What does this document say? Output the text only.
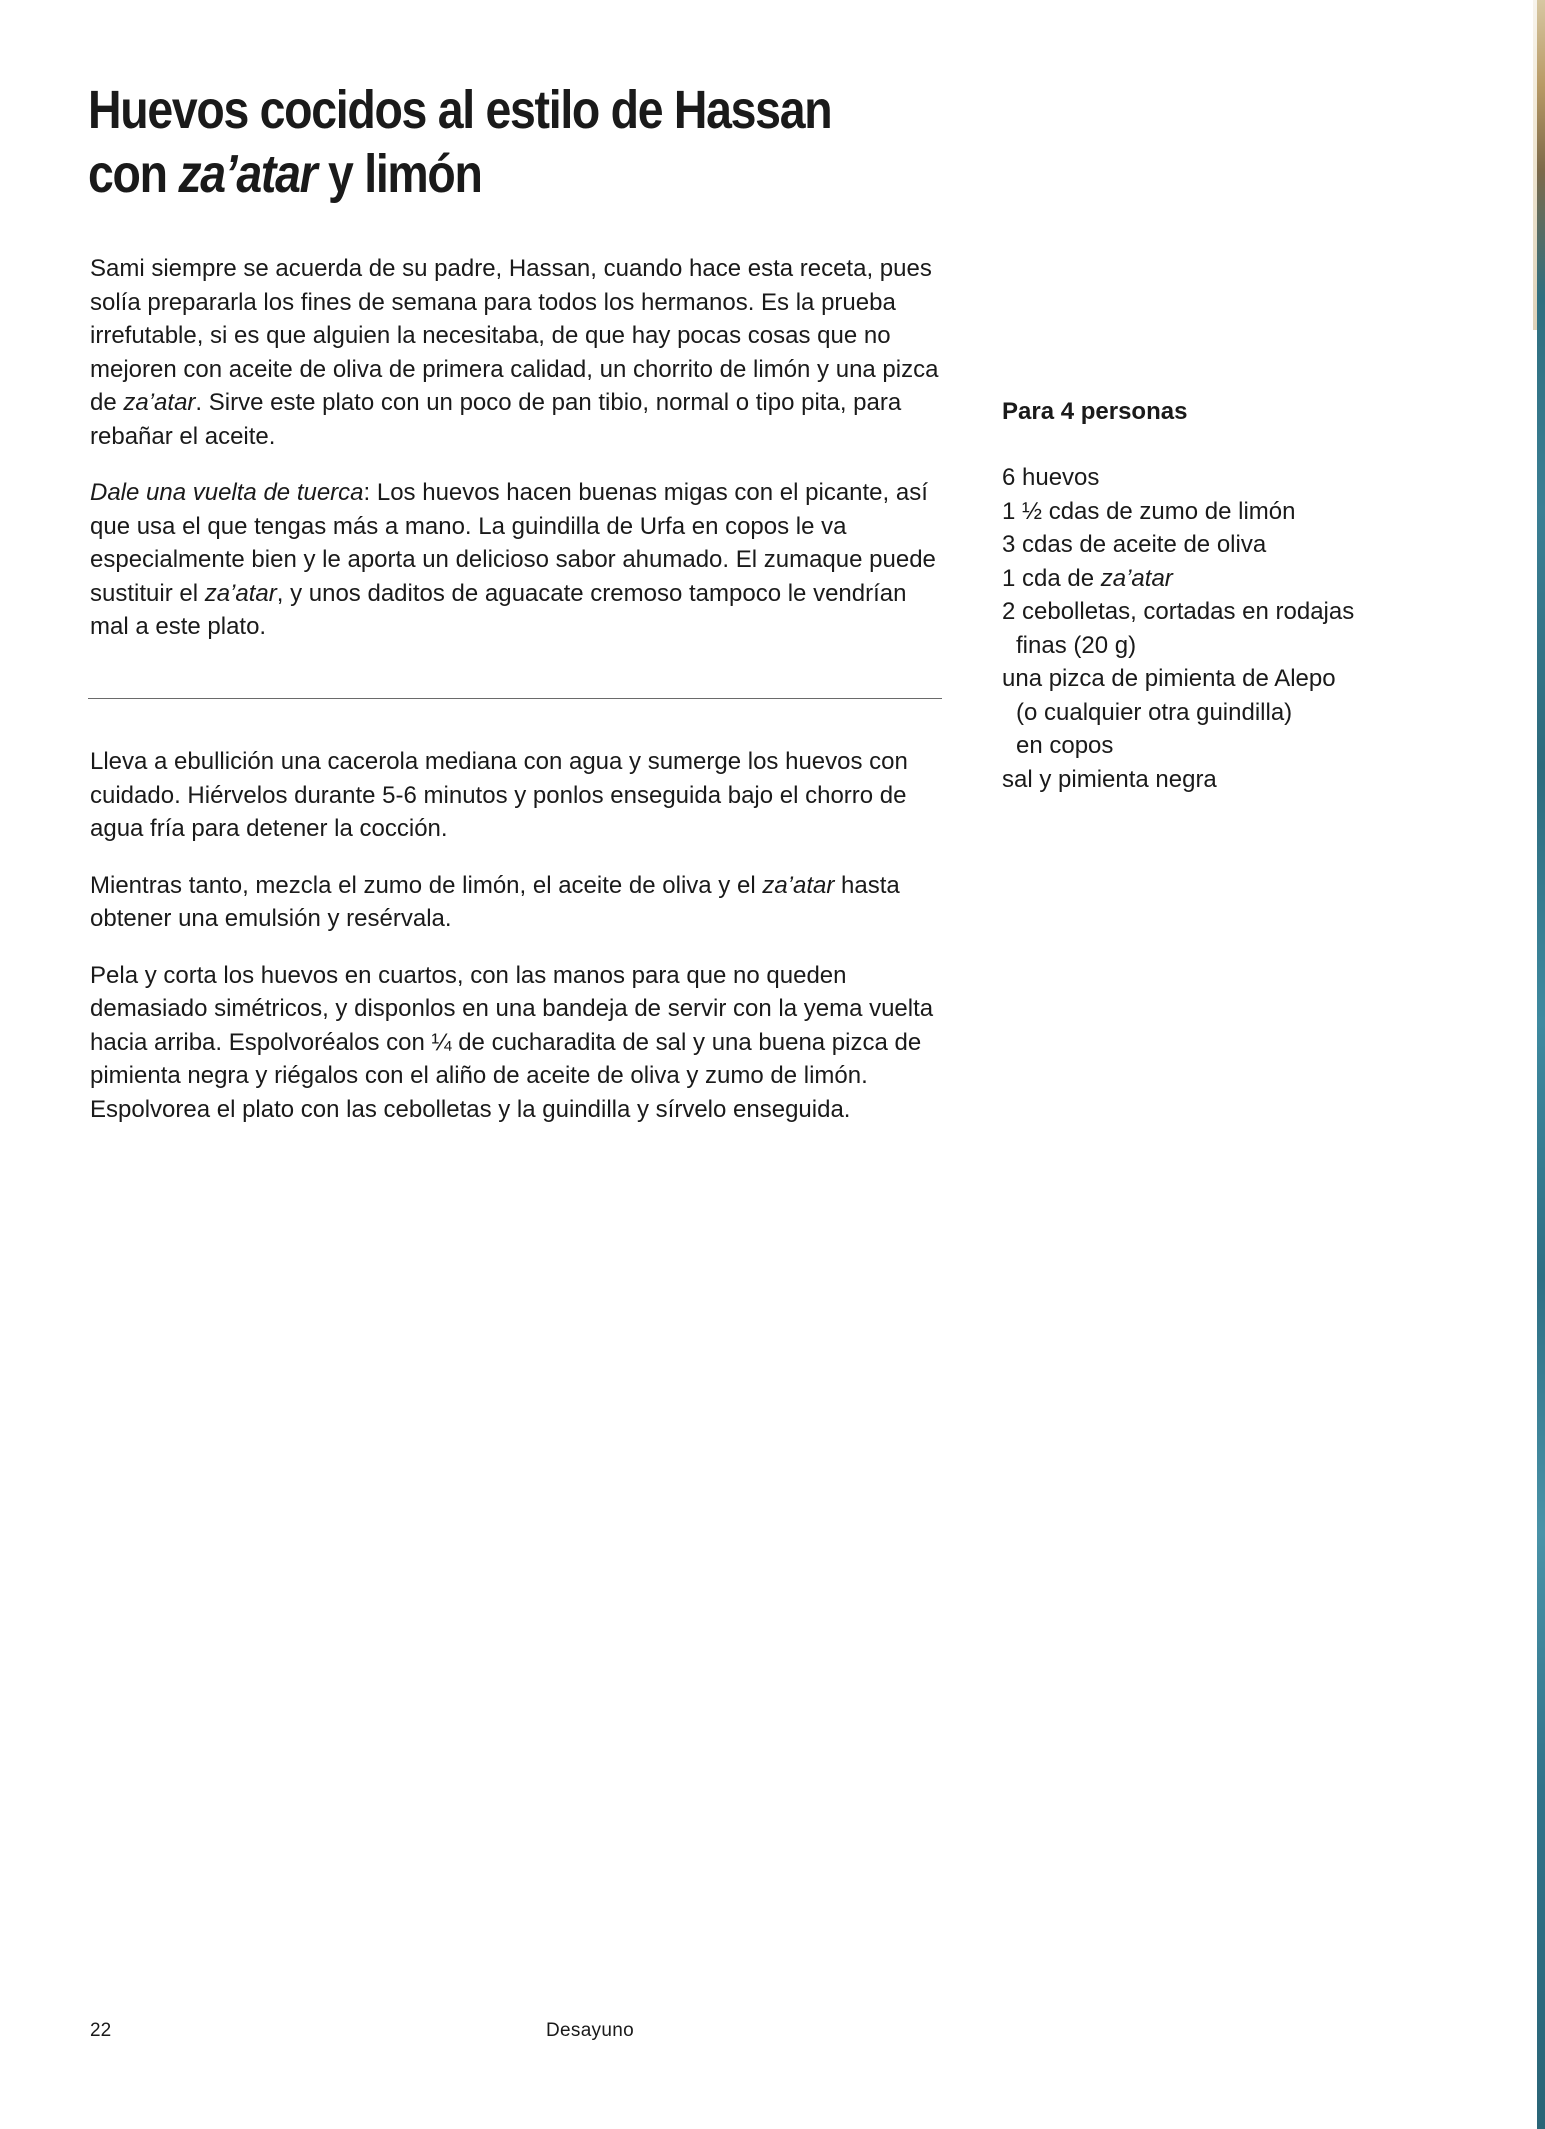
Huevos cocidos al estilo de Hassan
con za’atar y limón

Sami siempre se acuerda de su padre, Hassan, cuando hace esta receta, pues solía prepararla los fines de semana para todos los hermanos. Es la prueba irrefutable, si es que alguien la necesitaba, de que hay pocas cosas que no mejoren con aceite de oliva de primera calidad, un chorrito de limón y una pizca de za’atar. Sirve este plato con un poco de pan tibio, normal o tipo pita, para rebañar el aceite.

Dale una vuelta de tuerca: Los huevos hacen buenas migas con el picante, así que usa el que tengas más a mano. La guindilla de Urfa en copos le va especialmente bien y le aporta un delicioso sabor ahumado. El zumaque puede sustituir el za’atar, y unos daditos de aguacate cremoso tampoco le vendrían mal a este plato.

Lleva a ebullición una cacerola mediana con agua y sumerge los huevos con cuidado. Hiérvelos durante 5-6 minutos y ponlos enseguida bajo el chorro de agua fría para detener la cocción.

Mientras tanto, mezcla el zumo de limón, el aceite de oliva y el za’atar hasta obtener una emulsión y resérvala.

Pela y corta los huevos en cuartos, con las manos para que no queden demasiado simétricos, y disponlos en una bandeja de servir con la yema vuelta hacia arriba. Espolvoréalos con ¼ de cucharadita de sal y una buena pizca de pimienta negra y riégalos con el aliño de aceite de oliva y zumo de limón. Espolvorea el plato con las cebolletas y la guindilla y sírvelo enseguida.

Para 4 personas
6 huevos
1 ½ cdas de zumo de limón
3 cdas de aceite de oliva
1 cda de za’atar
2 cebolletas, cortadas en rodajas
finas (20 g)
una pizca de pimienta de Alepo
(o cualquier otra guindilla)
en copos
sal y pimienta negra
22	Desayuno
